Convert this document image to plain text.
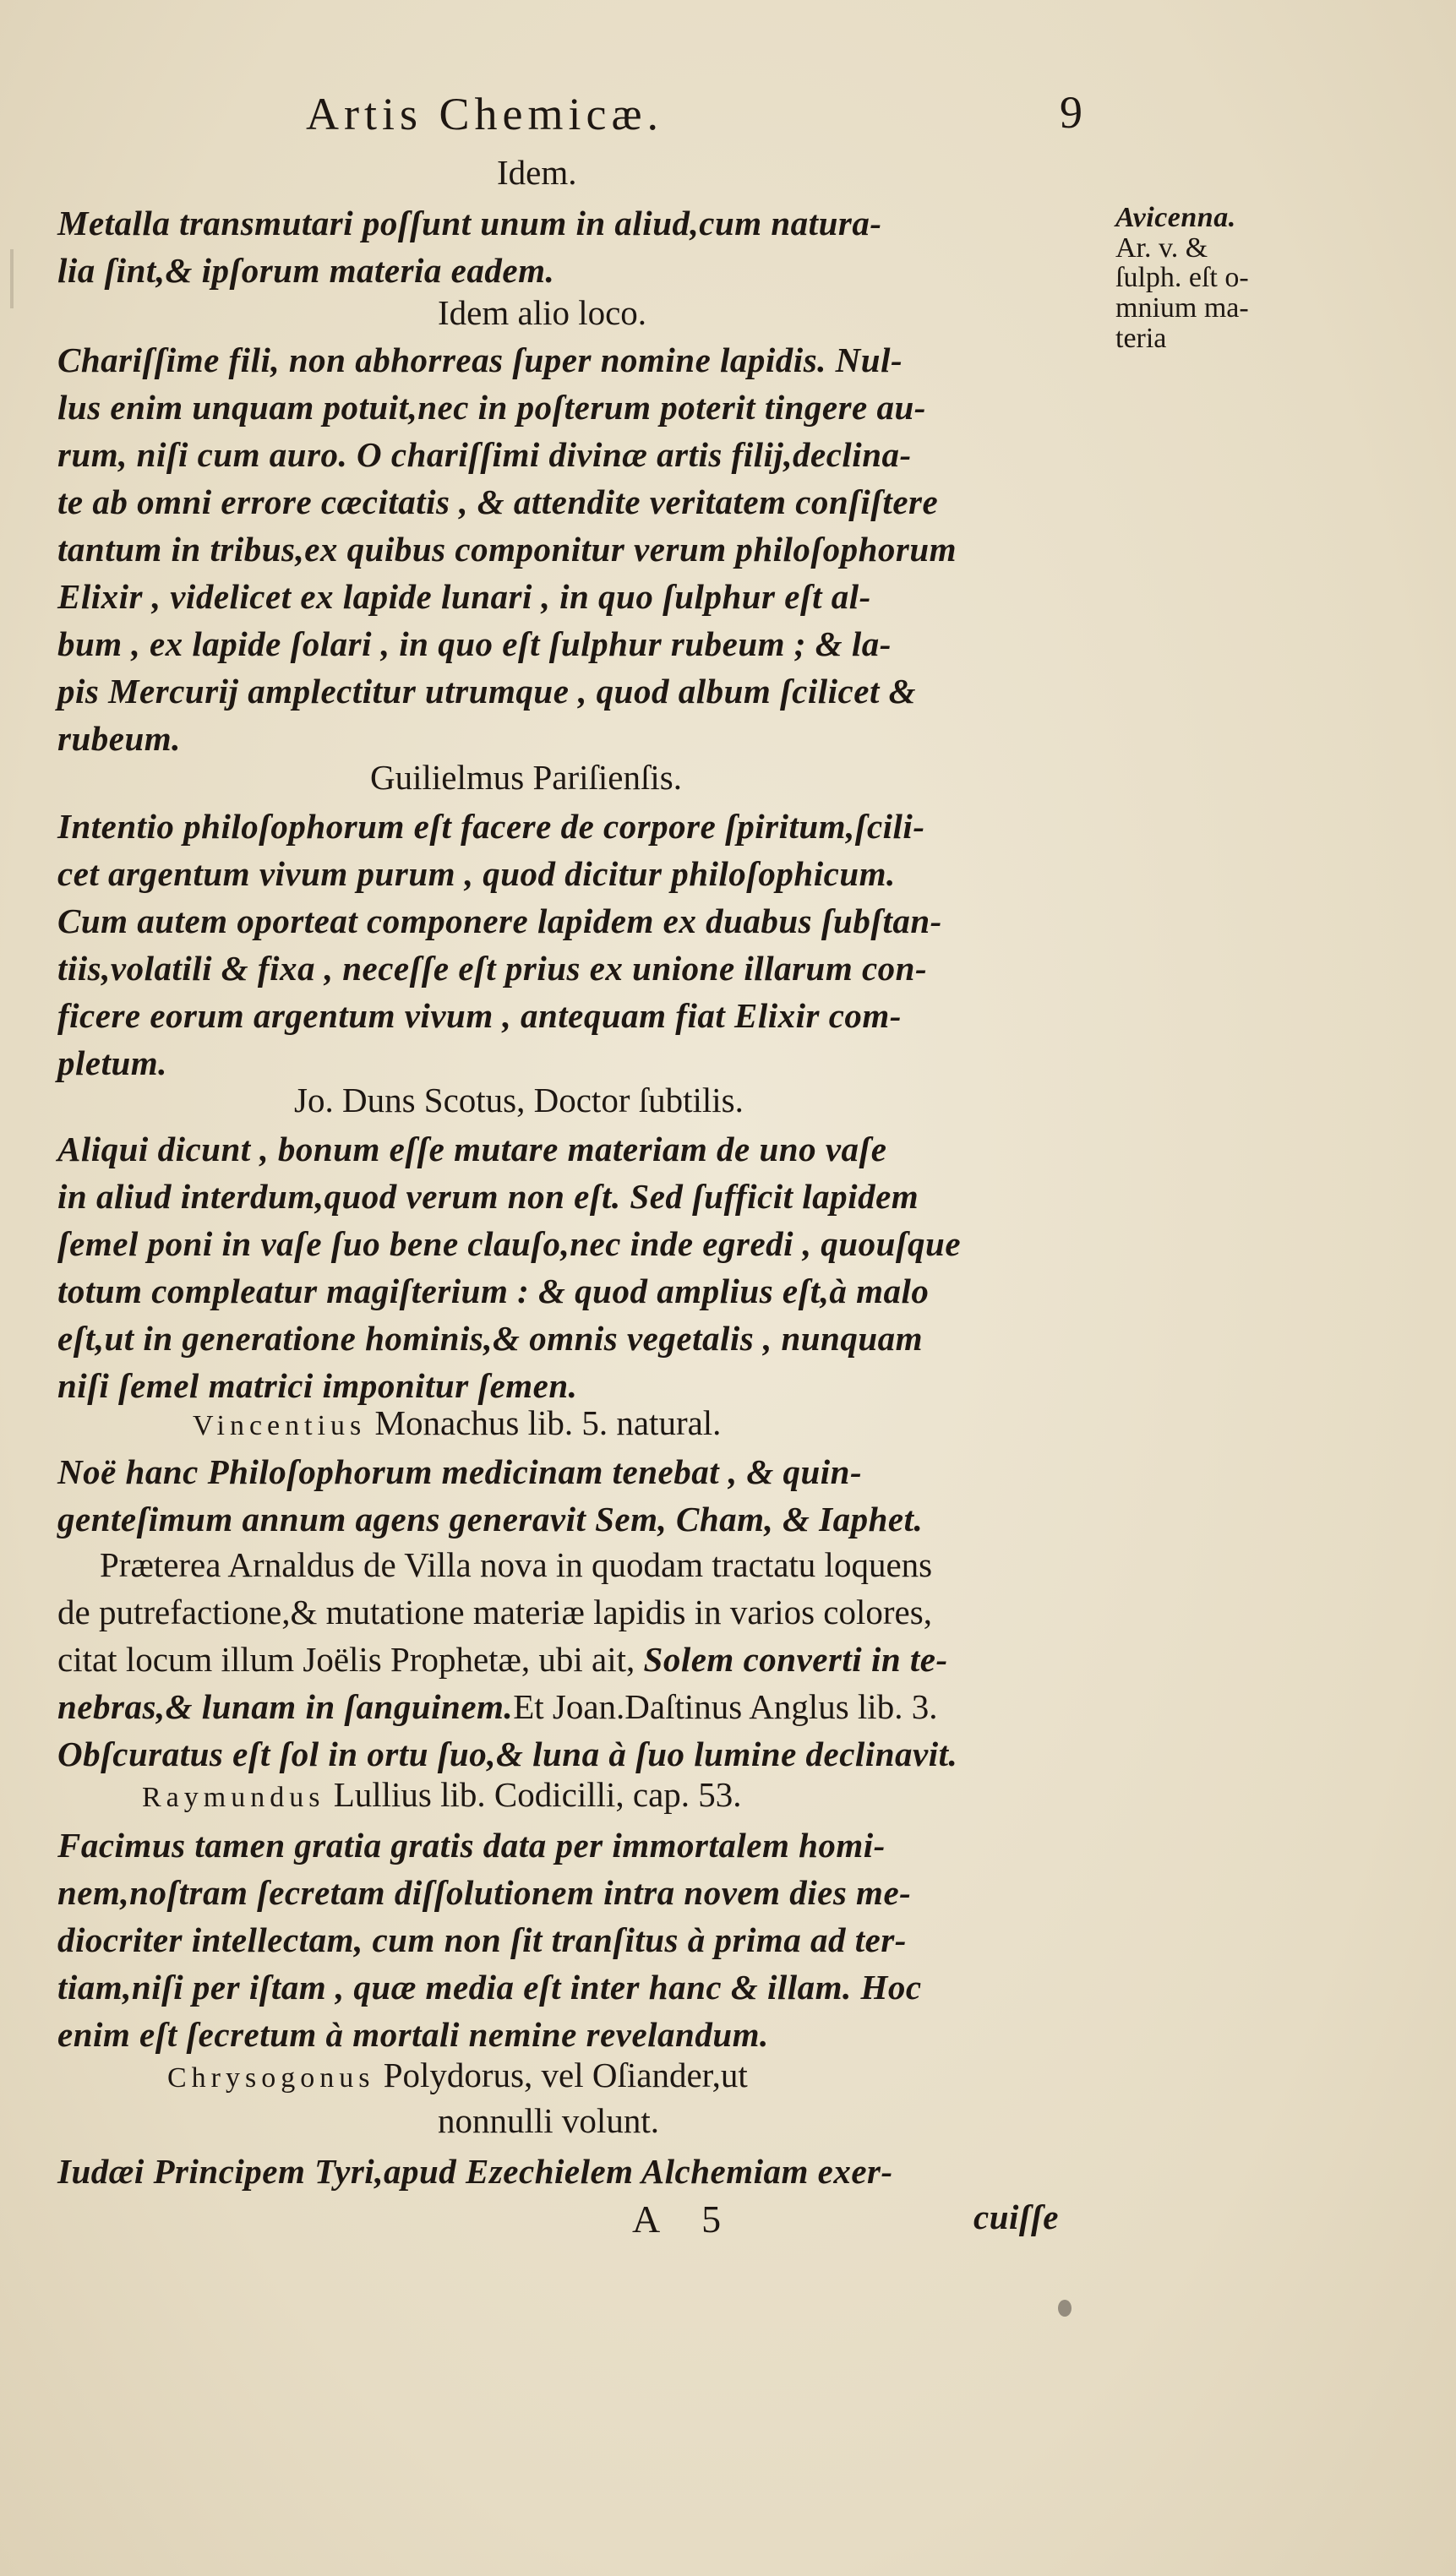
Artis Chemicæ.	9
Idem.
Metalla transmutari poſſunt unum in aliud,cum natura-
lia ſint,& ipſorum materia eadem.
Avicenna.
Ar. v. &
ſulph. eſt o-
mnium ma-
teria
Idem alio loco.
Chariſſime fili, non abhorreas ſuper nomine lapidis. Nul-
lus enim unquam potuit,nec in poſterum poterit tingere au-
rum, niſi cum auro. O chariſſimi divinæ artis filij,declina-
te ab omni errore cæcitatis , & attendite veritatem conſiſtere
tantum in tribus,ex quibus componitur verum philoſophorum
Elixir , videlicet ex lapide lunari , in quo ſulphur eſt al-
bum , ex lapide ſolari , in quo eſt ſulphur rubeum ; & la-
pis Mercurij amplectitur utrumque , quod album ſcilicet &
rubeum.
Guilielmus Pariſienſis.
Intentio philoſophorum eſt facere de corpore ſpiritum,ſcili-
cet argentum vivum purum , quod dicitur philoſophicum.
Cum autem oporteat componere lapidem ex duabus ſubſtan-
tiis,volatili & fixa , neceſſe eſt prius ex unione illarum con-
ficere eorum argentum vivum , antequam fiat Elixir com-
pletum.
Jo. Duns Scotus, Doctor ſubtilis.
Aliqui dicunt , bonum eſſe mutare materiam de uno vaſe
in aliud interdum,quod verum non eſt. Sed ſufficit lapidem
ſemel poni in vaſe ſuo bene clauſo,nec inde egredi , quouſque
totum compleatur magiſterium : & quod amplius eſt,à malo
eſt,ut in generatione hominis,& omnis vegetalis , nunquam
niſi ſemel matrici imponitur ſemen.
Vincentius Monachus lib. 5. natural.
Noë hanc Philoſophorum medicinam tenebat , & quin-
genteſimum annum agens generavit Sem, Cham, & Iaphet.
Præterea Arnaldus de Villa nova in quodam tractatu loquens
de putrefactione,& mutatione materiæ lapidis in varios colores,
citat locum illum Joëlis Prophetæ, ubi ait, Solem converti in te-
nebras,& lunam in ſanguinem.Et Joan.Daſtinus Anglus lib. 3.
Obſcuratus eſt ſol in ortu ſuo,& luna à ſuo lumine declinavit.
Raymundus Lullius lib. Codicilli, cap. 53.
Facimus tamen gratia gratis data per immortalem homi-
nem,noſtram ſecretam diſſolutionem intra novem dies me-
diocriter intellectam, cum non ſit tranſitus à prima ad ter-
tiam,niſi per iſtam , quæ media eſt inter hanc & illam. Hoc
enim eſt ſecretum à mortali nemine revelandum.
Chrysogonus Polydorus, vel Oſiander,ut
nonnulli volunt.
Iudæi Principem Tyri,apud Ezechielem Alchemiam exer-
A 5	cuiſſe
